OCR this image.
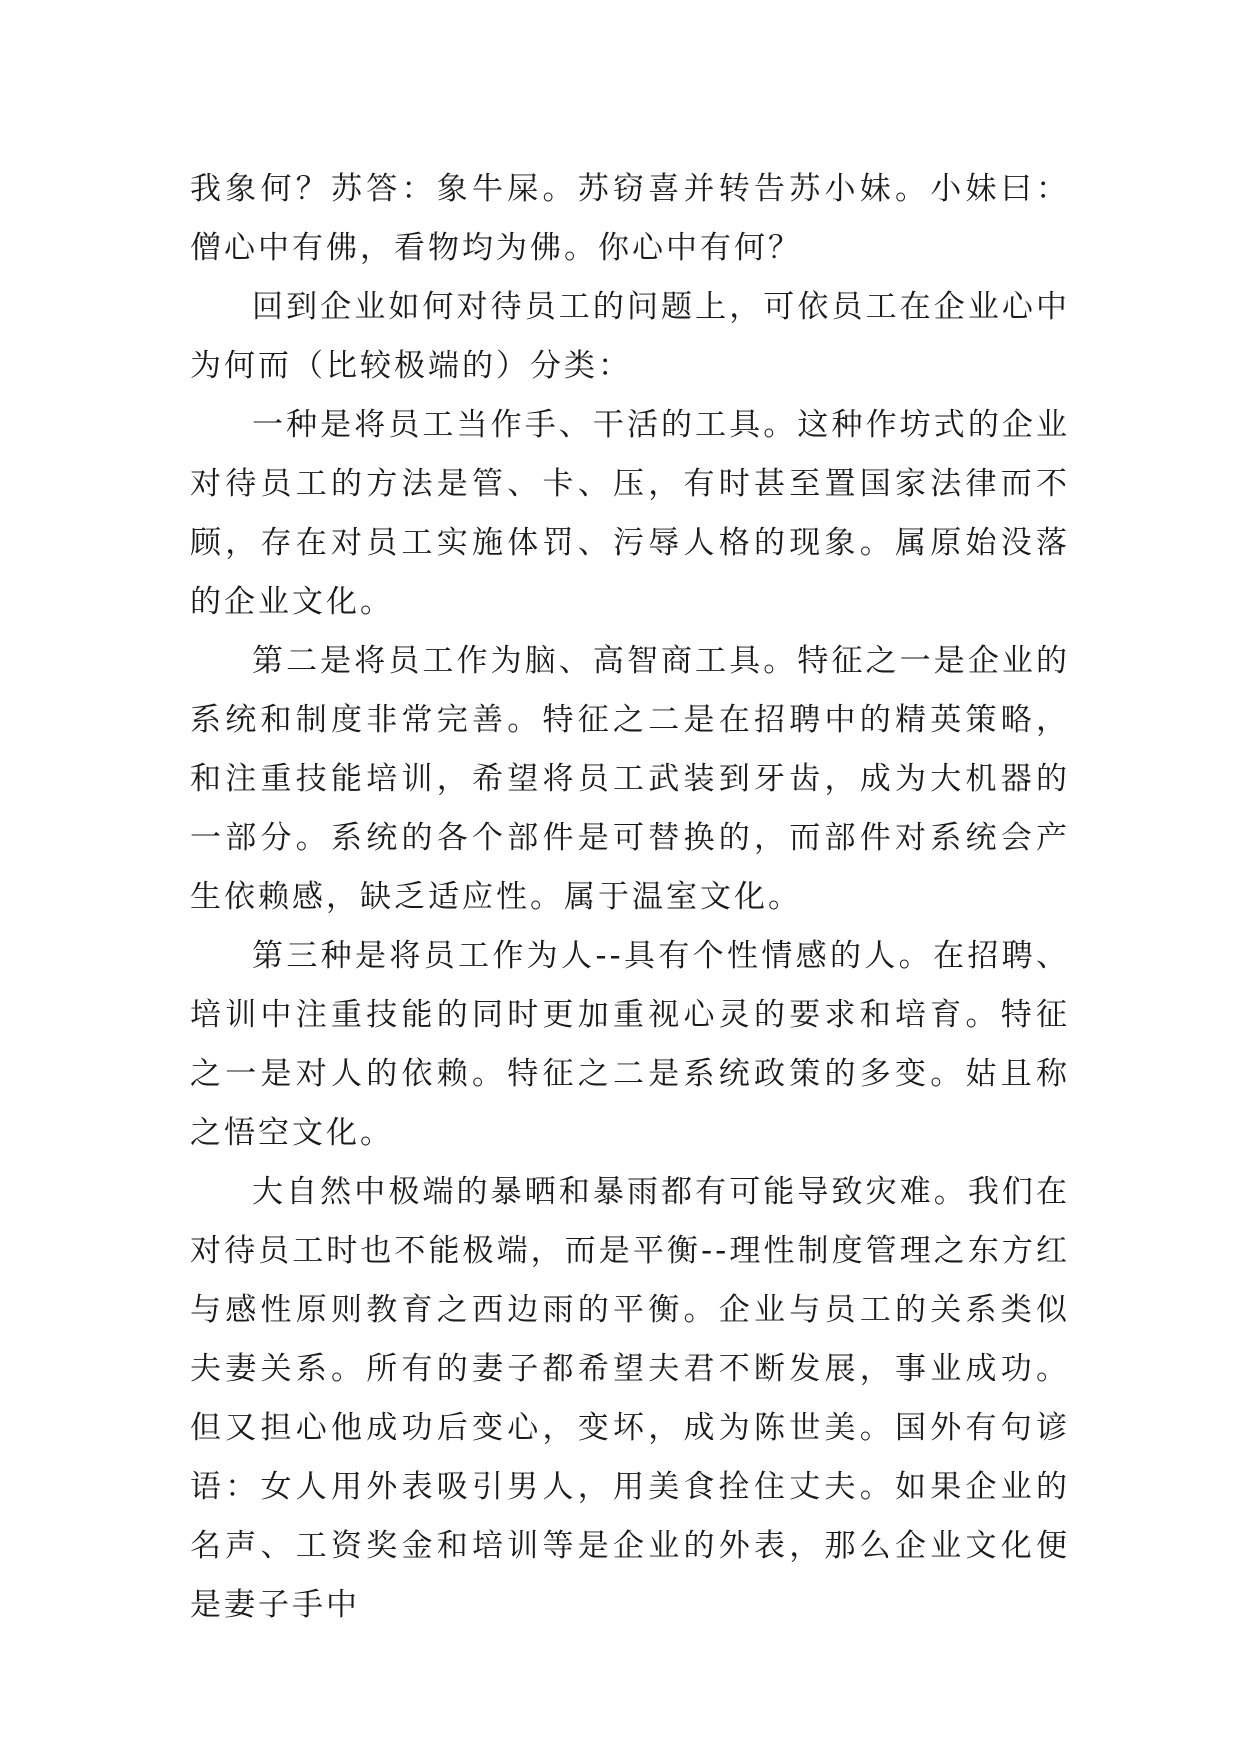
我象何？苏答：象牛屎。苏窃喜并转告苏小妹。小妹曰：僧心中有佛，看物均为佛。你心中有何？

回到企业如何对待员工的问题上，可依员工在企业心中为何而（比较极端的）分类：

一种是将员工当作手、干活的工具。这种作坊式的企业对待员工的方法是管、卡、压，有时甚至置国家法律而不顾，存在对员工实施体罚、污辱人格的现象。属原始没落的企业文化。

第二是将员工作为脑、高智商工具。特征之一是企业的系统和制度非常完善。特征之二是在招聘中的精英策略，和注重技能培训，希望将员工武装到牙齿，成为大机器的一部分。系统的各个部件是可替换的，而部件对系统会产生依赖感，缺乏适应性。属于温室文化。

第三种是将员工作为人--具有个性情感的人。在招聘、培训中注重技能的同时更加重视心灵的要求和培育。特征之一是对人的依赖。特征之二是系统政策的多变。姑且称之悟空文化。

大自然中极端的暴晒和暴雨都有可能导致灾难。我们在对待员工时也不能极端，而是平衡--理性制度管理之东方红与感性原则教育之西边雨的平衡。企业与员工的关系类似夫妻关系。所有的妻子都希望夫君不断发展，事业成功。但又担心他成功后变心，变坏，成为陈世美。国外有句谚语：女人用外表吸引男人，用美食拴住丈夫。如果企业的名声、工资奖金和培训等是企业的外表，那么企业文化便是妻子手中
